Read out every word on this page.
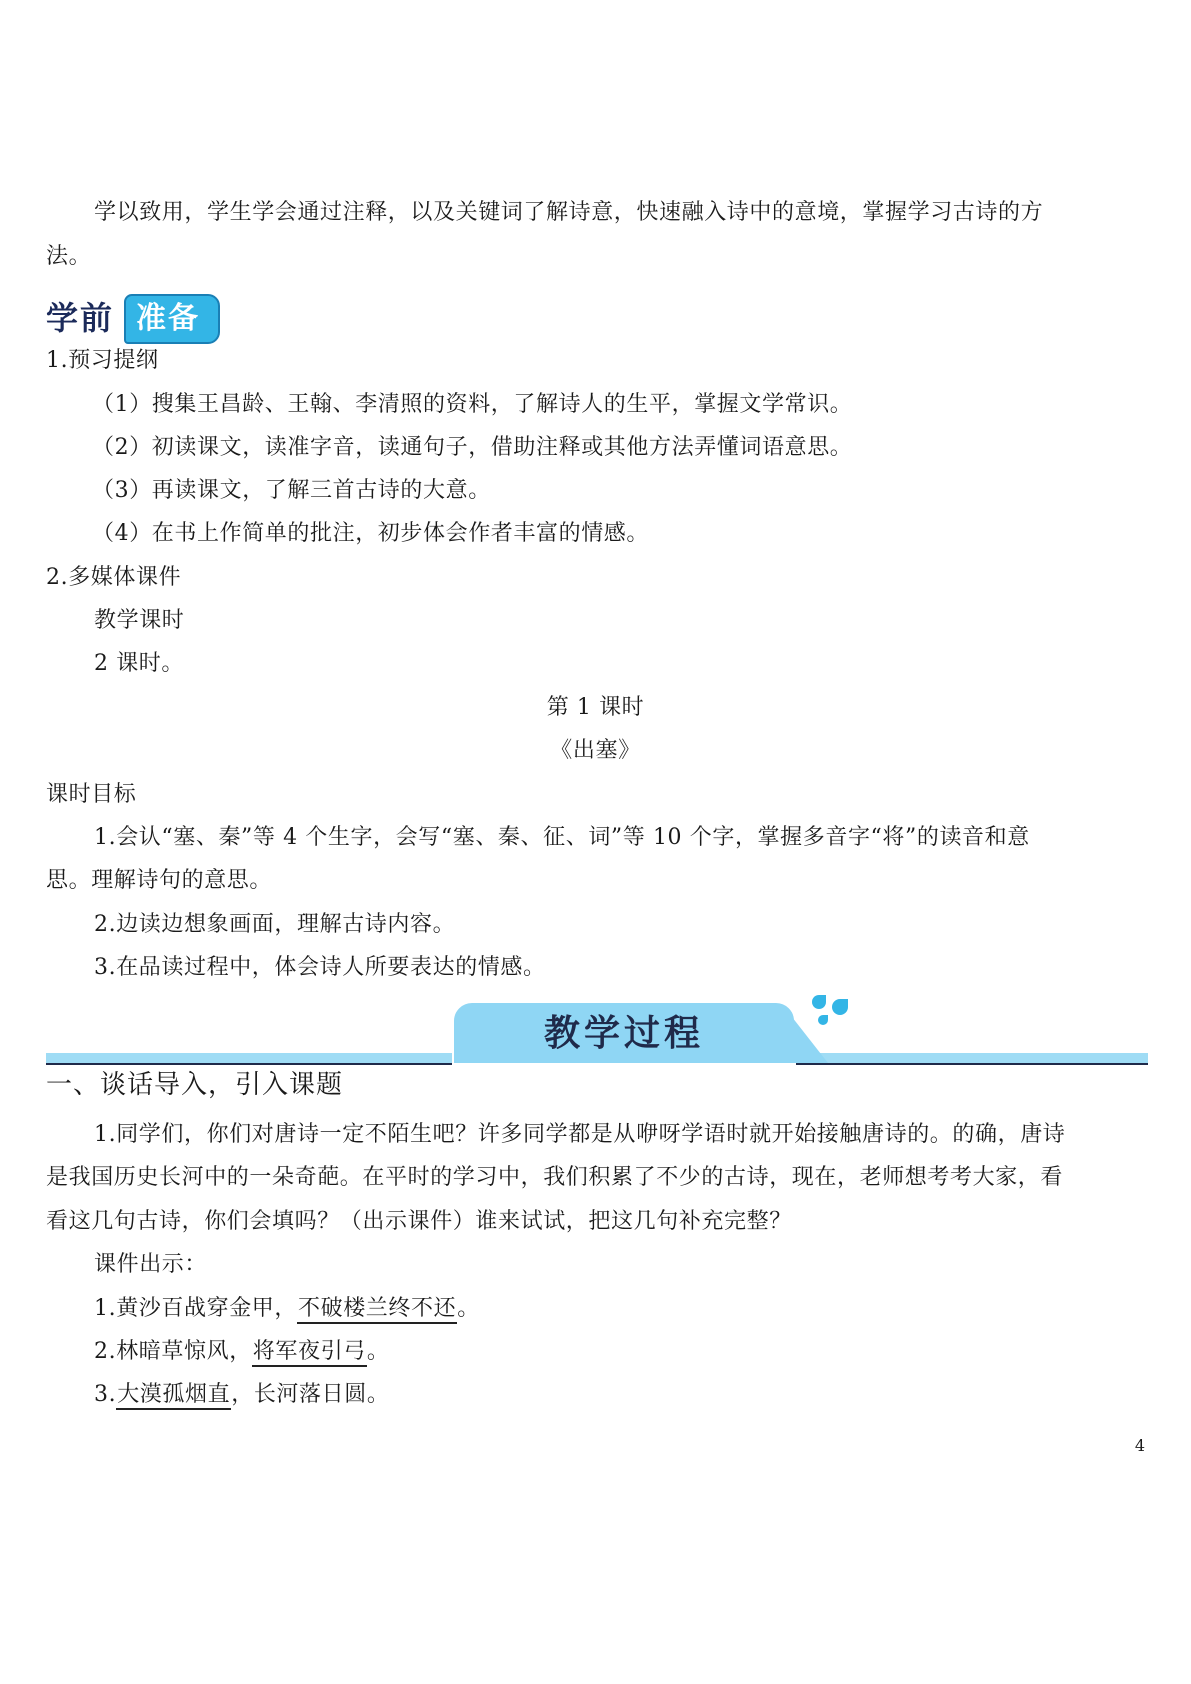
学以致用，学生学会通过注释，以及关键词了解诗意，快速融入诗中的意境，掌握学习古诗的方
法。
学前 准备
1.预习提纲
（1）搜集王昌龄、王翰、李清照的资料，了解诗人的生平，掌握文学常识。
（2）初读课文，读准字音，读通句子，借助注释或其他方法弄懂词语意思。
（3）再读课文，了解三首古诗的大意。
（4）在书上作简单的批注，初步体会作者丰富的情感。
2.多媒体课件
教学课时
2 课时。
第 1 课时
《出塞》
课时目标
1.会认“塞、秦”等 4 个生字，会写“塞、秦、征、词”等 10 个字，掌握多音字“将”的读音和意
思。理解诗句的意思。
2.边读边想象画面，理解古诗内容。
3.在品读过程中，体会诗人所要表达的情感。
教学过程
一、谈话导入，引入课题
1.同学们，你们对唐诗一定不陌生吧？许多同学都是从咿呀学语时就开始接触唐诗的。的确，唐诗
是我国历史长河中的一朵奇葩。在平时的学习中，我们积累了不少的古诗，现在，老师想考考大家，看
看这几句古诗，你们会填吗？（出示课件）谁来试试，把这几句补充完整？
课件出示：
1.黄沙百战穿金甲，不破楼兰终不还。
2.林暗草惊风，将军夜引弓。
3.大漠孤烟直，长河落日圆。
4
